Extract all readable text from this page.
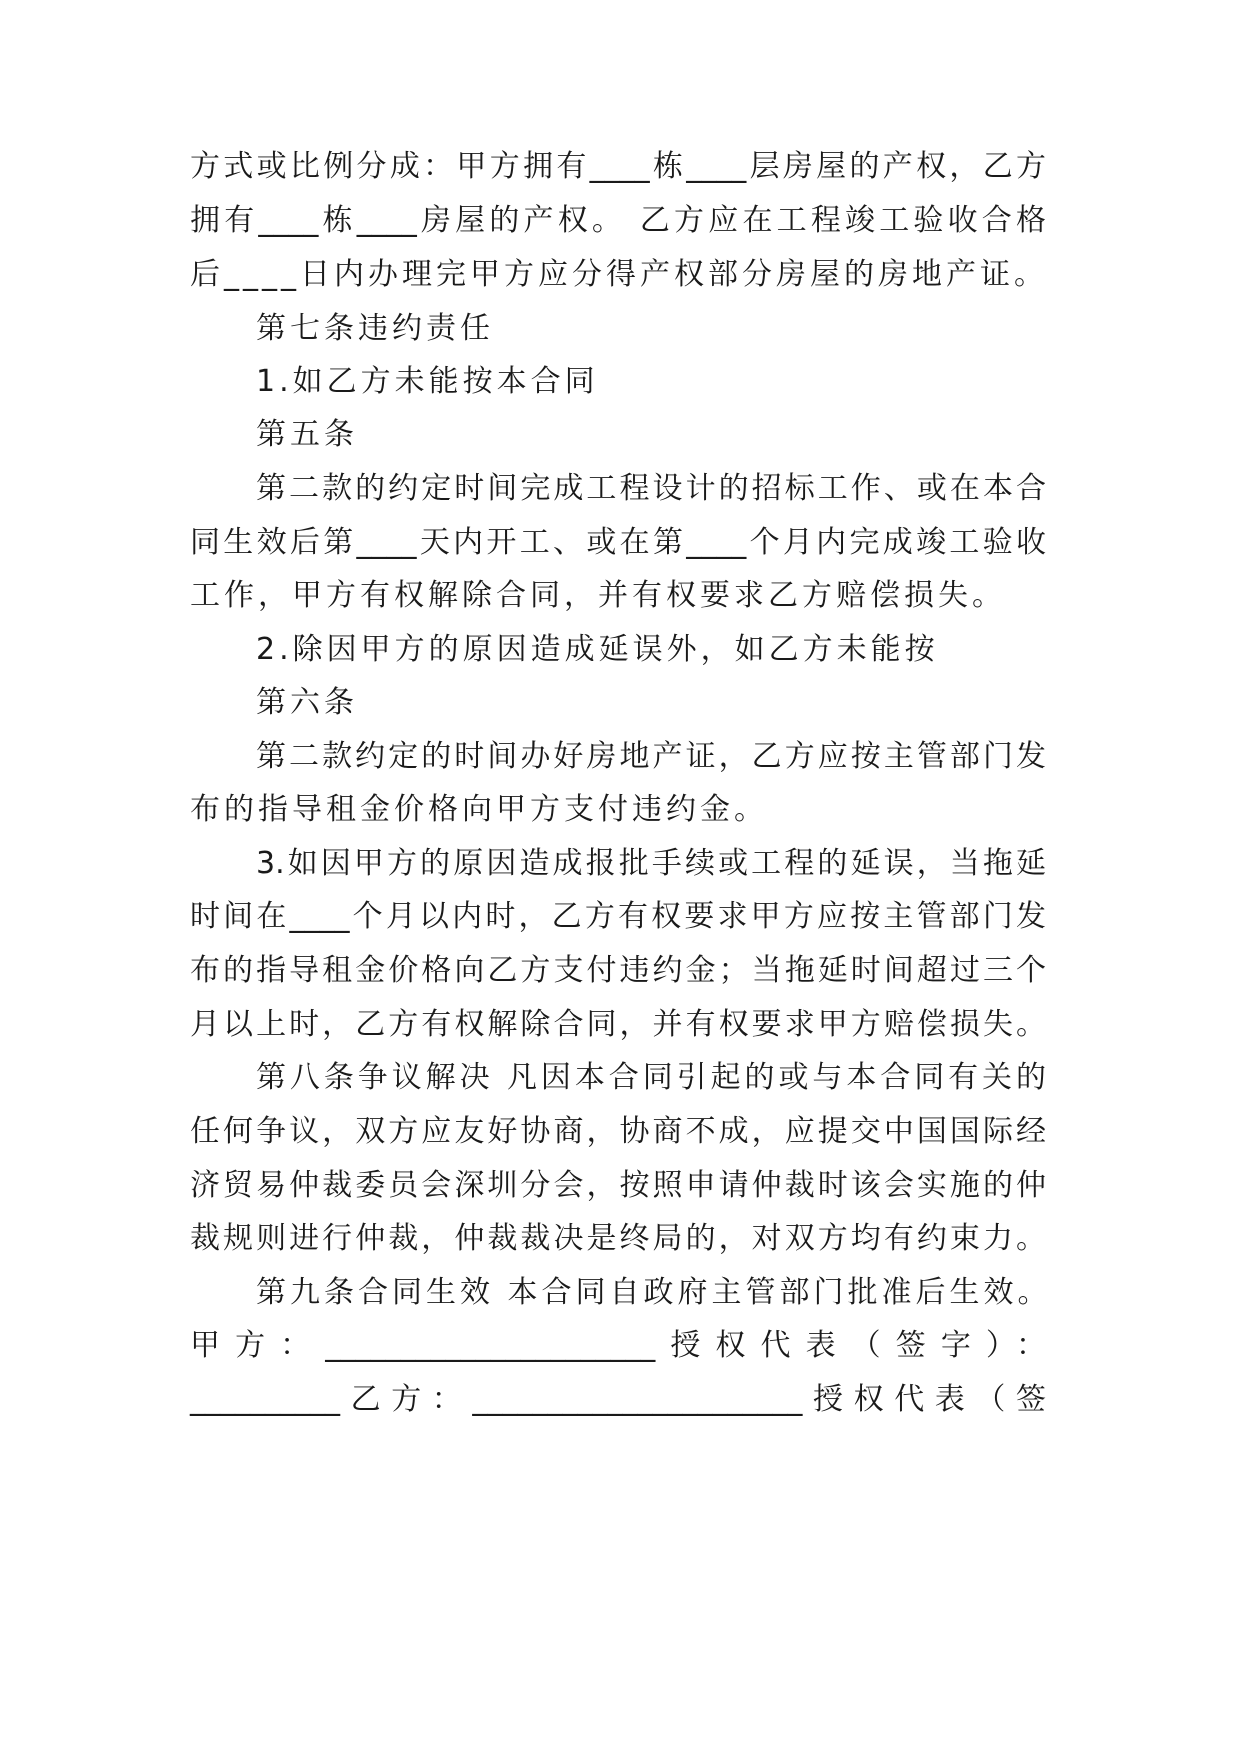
方式或比例分成：甲方拥有____栋____层房屋的产权，乙方
拥有____栋____房屋的产权。 乙方应在工程竣工验收合格
后____日内办理完甲方应分得产权部分房屋的房地产证。
第七条违约责任
1.如乙方未能按本合同
第五条
第二款的约定时间完成工程设计的招标工作、或在本合
同生效后第____天内开工、或在第____个月内完成竣工验收
工作，甲方有权解除合同，并有权要求乙方赔偿损失。
2.除因甲方的原因造成延误外，如乙方未能按
第六条
第二款约定的时间办好房地产证，乙方应按主管部门发
布的指导租金价格向甲方支付违约金。
3.如因甲方的原因造成报批手续或工程的延误，当拖延
时间在____个月以内时，乙方有权要求甲方应按主管部门发
布的指导租金价格向乙方支付违约金；当拖延时间超过三个
月以上时，乙方有权解除合同，并有权要求甲方赔偿损失。
第八条争议解决 凡因本合同引起的或与本合同有关的
任何争议，双方应友好协商，协商不成，应提交中国国际经
济贸易仲裁委员会深圳分会，按照申请仲裁时该会实施的仲
裁规则进行仲裁，仲裁裁决是终局的，对双方均有约束力。
第九条合同生效 本合同自政府主管部门批准后生效。
甲方：______________________授权代表（签字）：
__________乙方：______________________授权代表（签
